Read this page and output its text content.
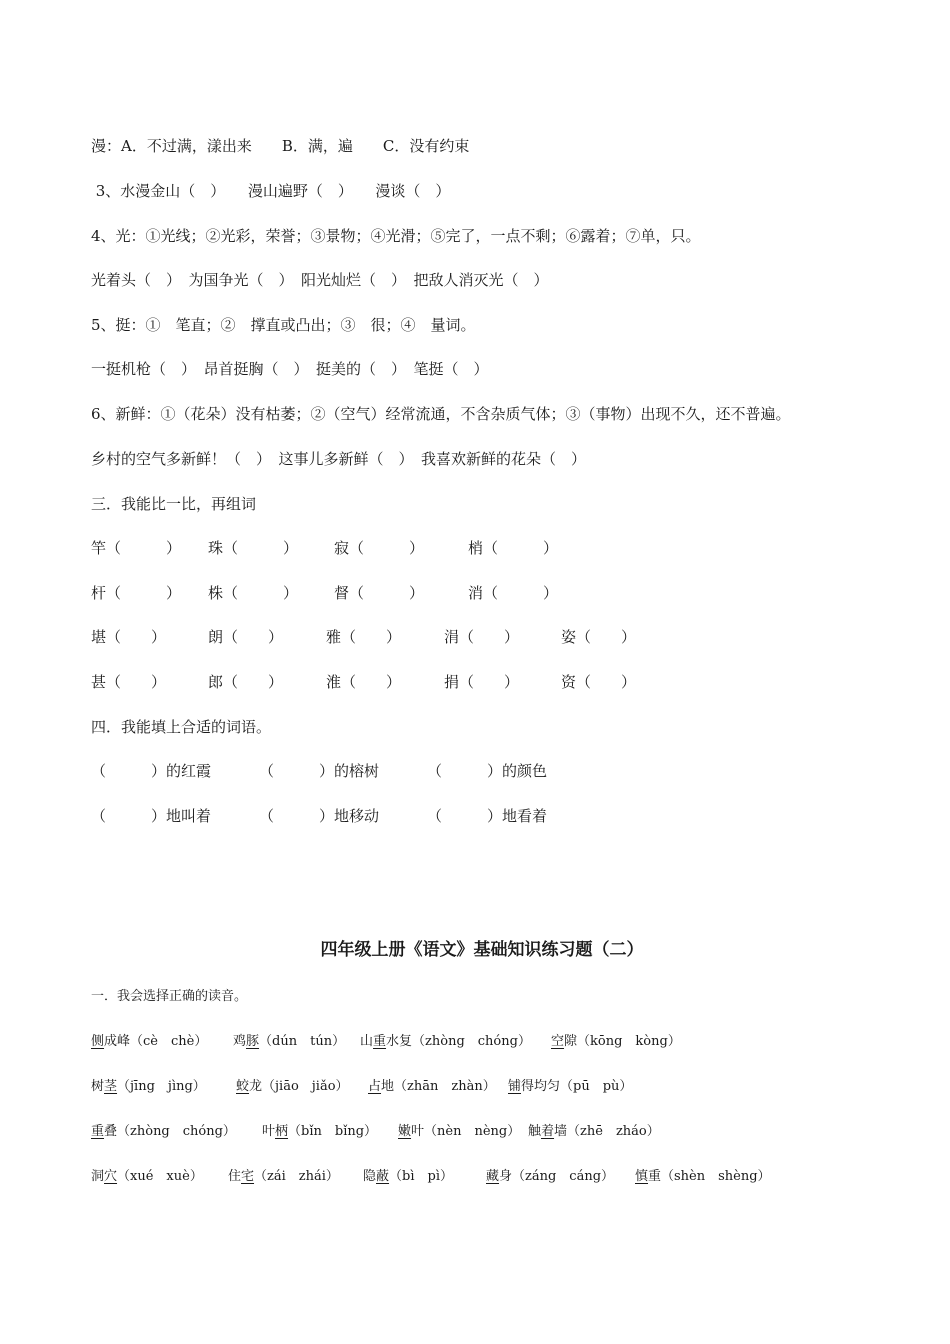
漫：A．不过满，漾出来　　B．满，遍　　C．没有约束
3、水漫金山（　）　　漫山遍野（　）　　漫谈（　）
4、光：①光线；②光彩，荣誉；③景物；④光滑；⑤完了，一点不剩；⑥露着；⑦单，只。
光着头（　）　为国争光（　）　阳光灿烂（　）　把敌人消灭光（　）
5、挺：①　笔直；②　撑直或凸出；③　很；④　量词。
一挺机枪（　）　昂首挺胸（　）　挺美的（　）　笔挺（　）
6、新鲜：①（花朵）没有枯萎；②（空气）经常流通，不含杂质气体；③（事物）出现不久，还不普遍。
乡村的空气多新鲜！（　）　这事儿多新鲜（　）　我喜欢新鲜的花朵（　）
三．我能比一比，再组词
竿（　　　） 珠（　　　） 寂（　　　）	梢（　　　）
杆（　　　） 株（　　　） 督（　　　）	消（　　　）
堪（　　）	朗（　　）	雅（　　）	涓（　　）	姿（　　）
甚（　　）	郎（　　）	淮（　　）	捐（　　）	资（　　）
四．我能填上合适的词语。
（　　　）的红霞	（　　　）的榕树	（　　　）的颜色
（　　　）地叫着	（　　　）地移动	（　　　）地看着
四年级上册《语文》基础知识练习题（二）
一．我会选择正确的读音。
侧成峰（cè　chè） 鸡豚（dún　tún） 山重水复（zhòng　chóng） 空隙（kōng　kòng）
树茎（jīng　jìng） 蛟龙（jiāo　jiǎo） 占地（zhān　zhàn） 铺得均匀（pū　pù）
重叠（zhòng　chóng） 叶柄（bǐn　bǐng） 嫩叶（nèn　nèng） 触着墙（zhē　zháo）
洞穴（xué　xuè） 住宅（zái　zhái） 隐蔽（bì　pì）	藏身（záng　cáng） 慎重（shèn　shèng）
